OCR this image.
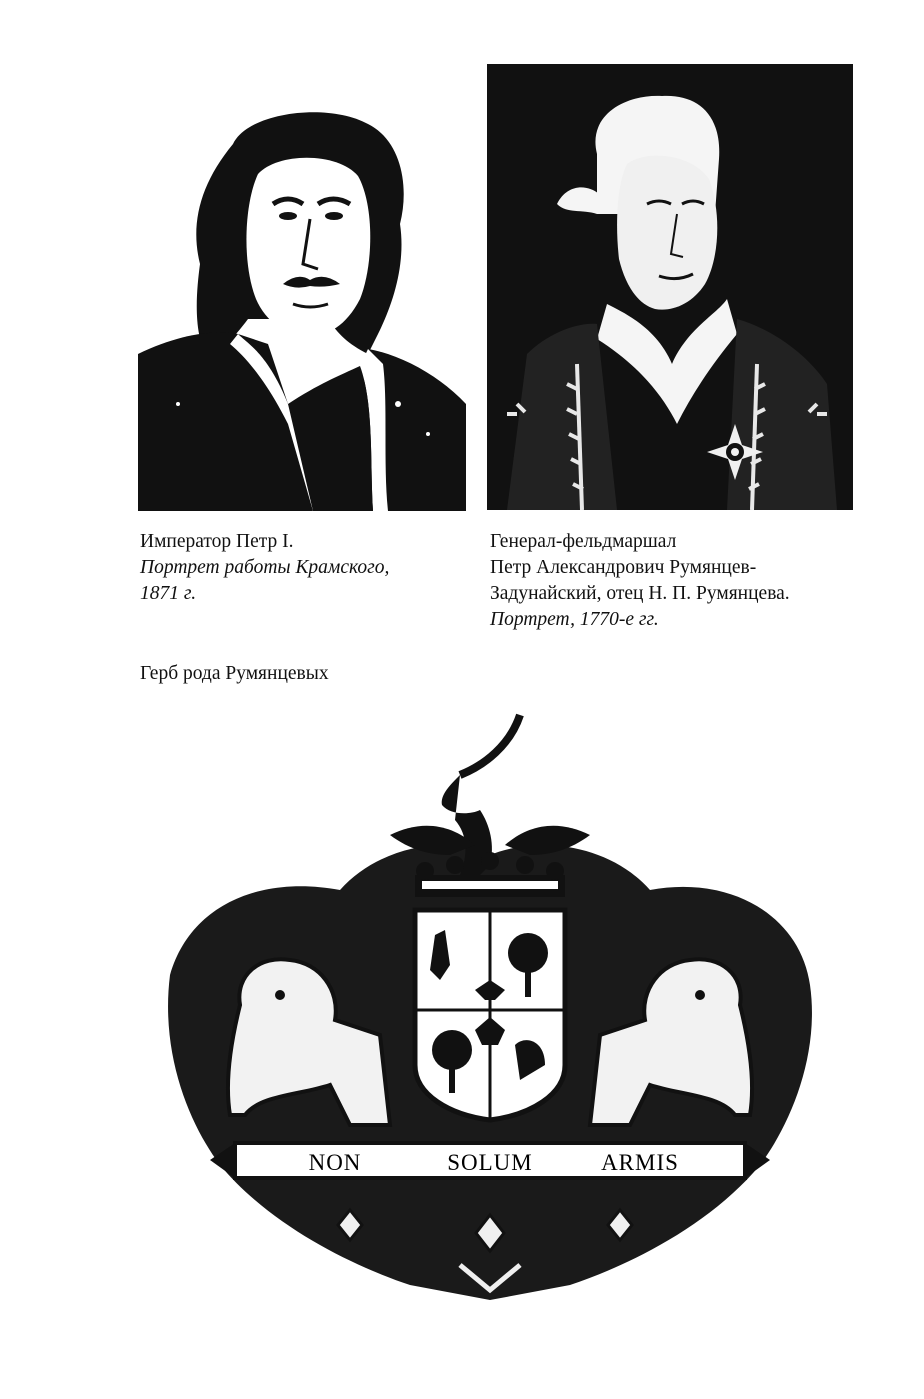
Император Петр I.
Портрет работы Крамского,
1871 г.
Генерал-фельдмаршал
Петр Александрович Румянцев-
Задунайский, отец Н. П. Румянцева.
Портрет, 1770-е гг.
Герб рода Румянцевых
NON	SOLUM	ARMIS
